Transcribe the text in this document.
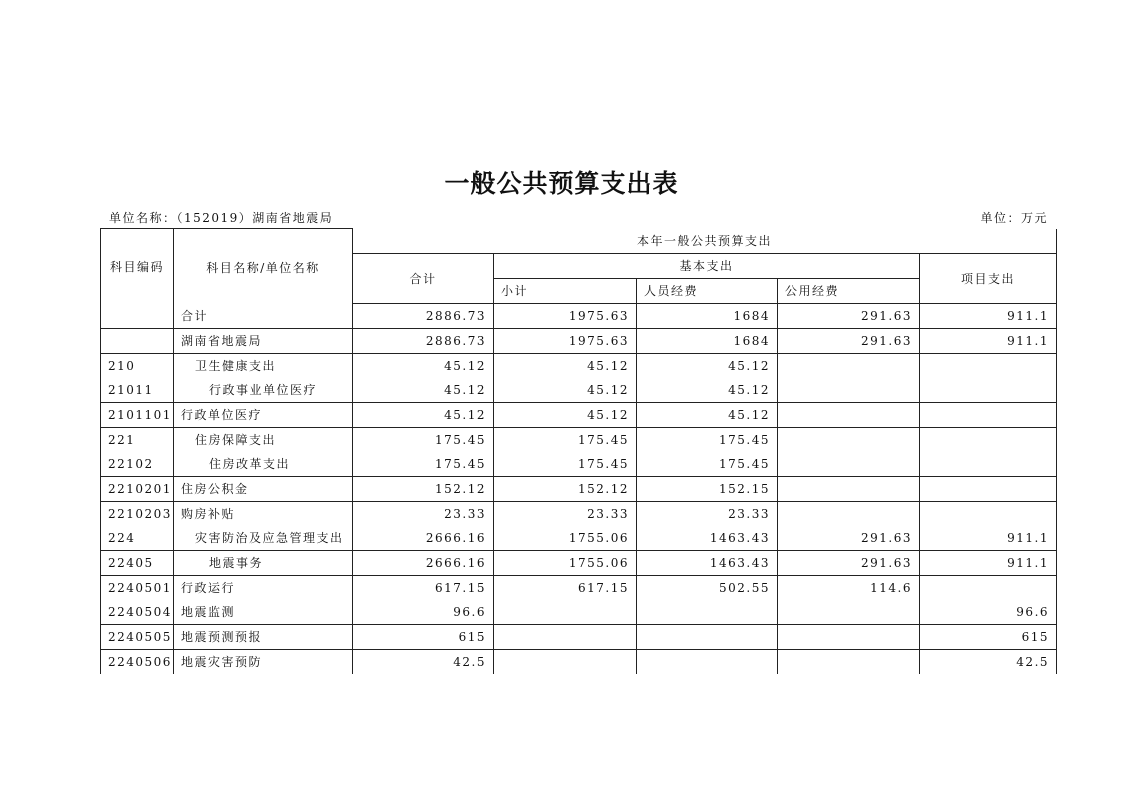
一般公共预算支出表
单位名称：（152019）湖南省地震局	单位：万元
科目编码	科目名称/单位名称	本年一般公共预算支出				
		合计	基本支出			项目支出
			小计	人员经费	公用经费	
	合计	2886.73	1975.63	1684	291.63	911.1
	湖南省地震局	2886.73	1975.63	1684	291.63	911.1
210	卫生健康支出	45.12	45.12	45.12		
21011	行政事业单位医疗	45.12	45.12	45.12		
2101101	行政单位医疗	45.12	45.12	45.12		
221	住房保障支出	175.45	175.45	175.45		
22102	住房改革支出	175.45	175.45	175.45		
2210201	住房公积金	152.12	152.12	152.15		
2210203	购房补贴	23.33	23.33	23.33		
224	灾害防治及应急管理支出	2666.16	1755.06	1463.43	291.63	911.1
22405	地震事务	2666.16	1755.06	1463.43	291.63	911.1
2240501	行政运行	617.15	617.15	502.55	114.6	
2240504	地震监测	96.6				96.6
2240505	地震预测预报	615				615
2240506	地震灾害预防	42.5				42.5
